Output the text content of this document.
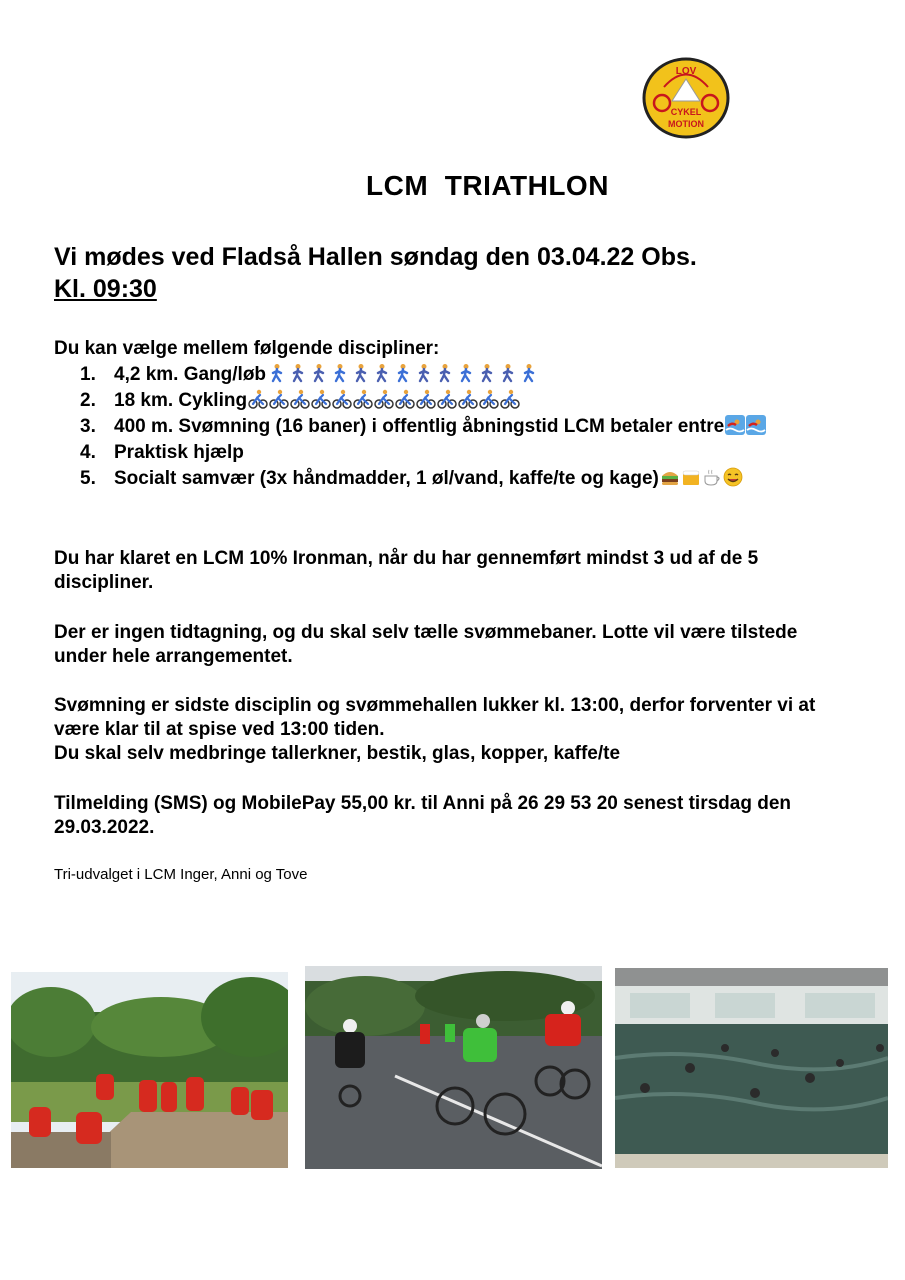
LOV
CYKEL
MOTION
LCM  TRIATHLON
Vi mødes ved Fladså Hallen søndag den 03.04.22 Obs.
Kl. 09:30
Du kan vælge mellem følgende discipliner:
1. 4,2 km. Gang/løb
2. 18 km. Cykling
3. 400 m. Svømning (16 baner) i offentlig åbningstid LCM betaler entre
4. Praktisk hjælp
5. Socialt samvær (3x håndmadder, 1 øl/vand, kaffe/te og kage)
Du har klaret en LCM 10% Ironman, når du har gennemført mindst 3 ud af de 5 discipliner.
Der er ingen tidtagning, og du skal selv tælle svømmebaner. Lotte vil være tilstede under hele arrangementet.
Svømning er sidste disciplin og svømmehallen lukker kl. 13:00, derfor forventer vi at være klar til at spise ved 13:00 tiden.
Du skal selv medbringe tallerkner, bestik, glas, kopper, kaffe/te
Tilmelding (SMS) og MobilePay 55,00 kr. til Anni på 26 29 53 20 senest tirsdag den 29.03.2022.
Tri-udvalget i LCM Inger, Anni og Tove
